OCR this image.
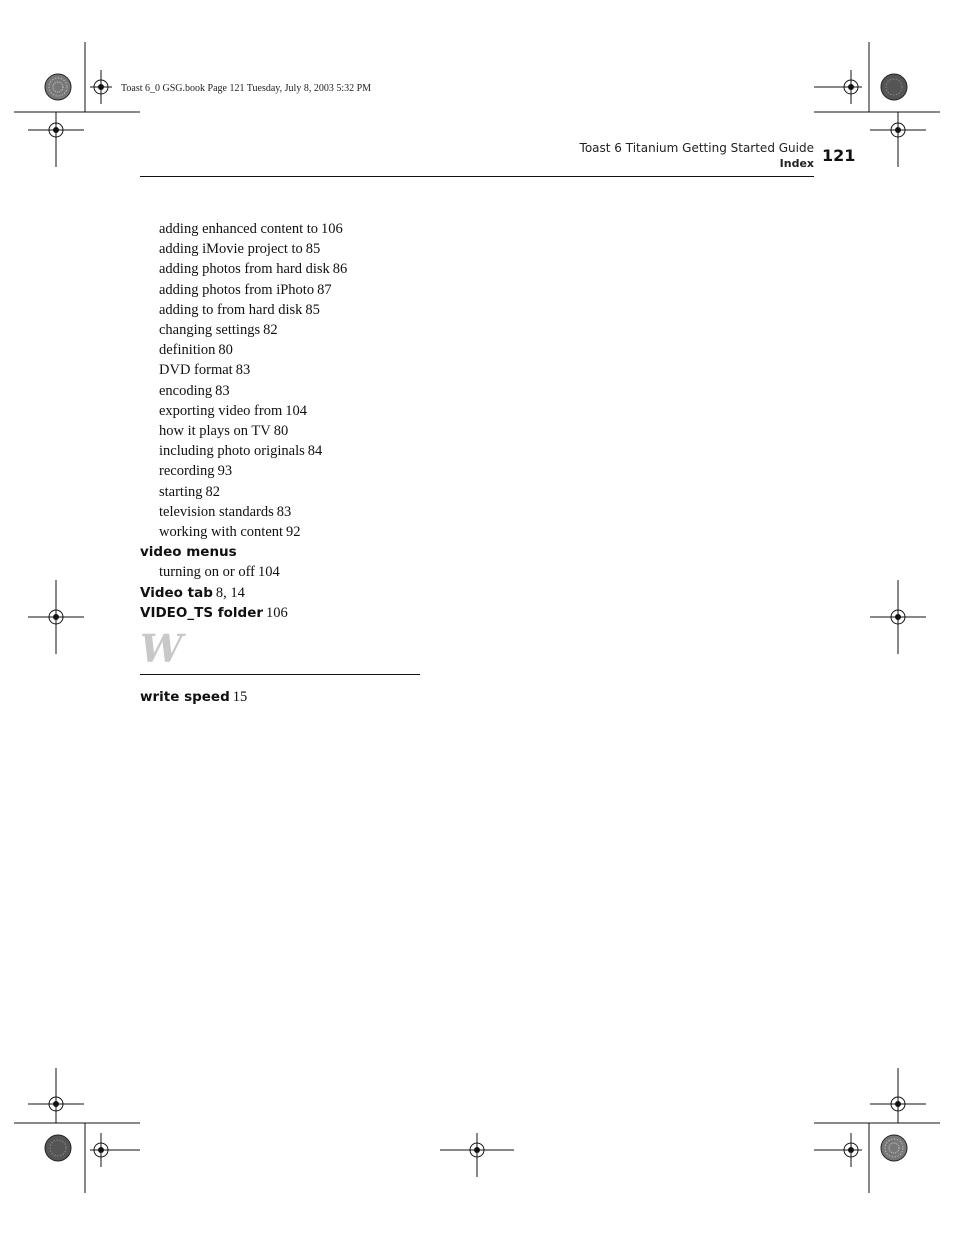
Toast 6_0 GSG.book Page 121 Tuesday, July 8, 2003 5:32 PM
Toast 6 Titanium Getting Started Guide
Index 121
adding enhanced content to 106
adding iMovie project to 85
adding photos from hard disk 86
adding photos from iPhoto 87
adding to from hard disk 85
changing settings 82
definition 80
DVD format 83
encoding 83
exporting video from 104
how it plays on TV 80
including photo originals 84
recording 93
starting 82
television standards 83
working with content 92
video menus
turning on or off 104
Video tab 8, 14
VIDEO_TS folder 106
W
write speed 15
